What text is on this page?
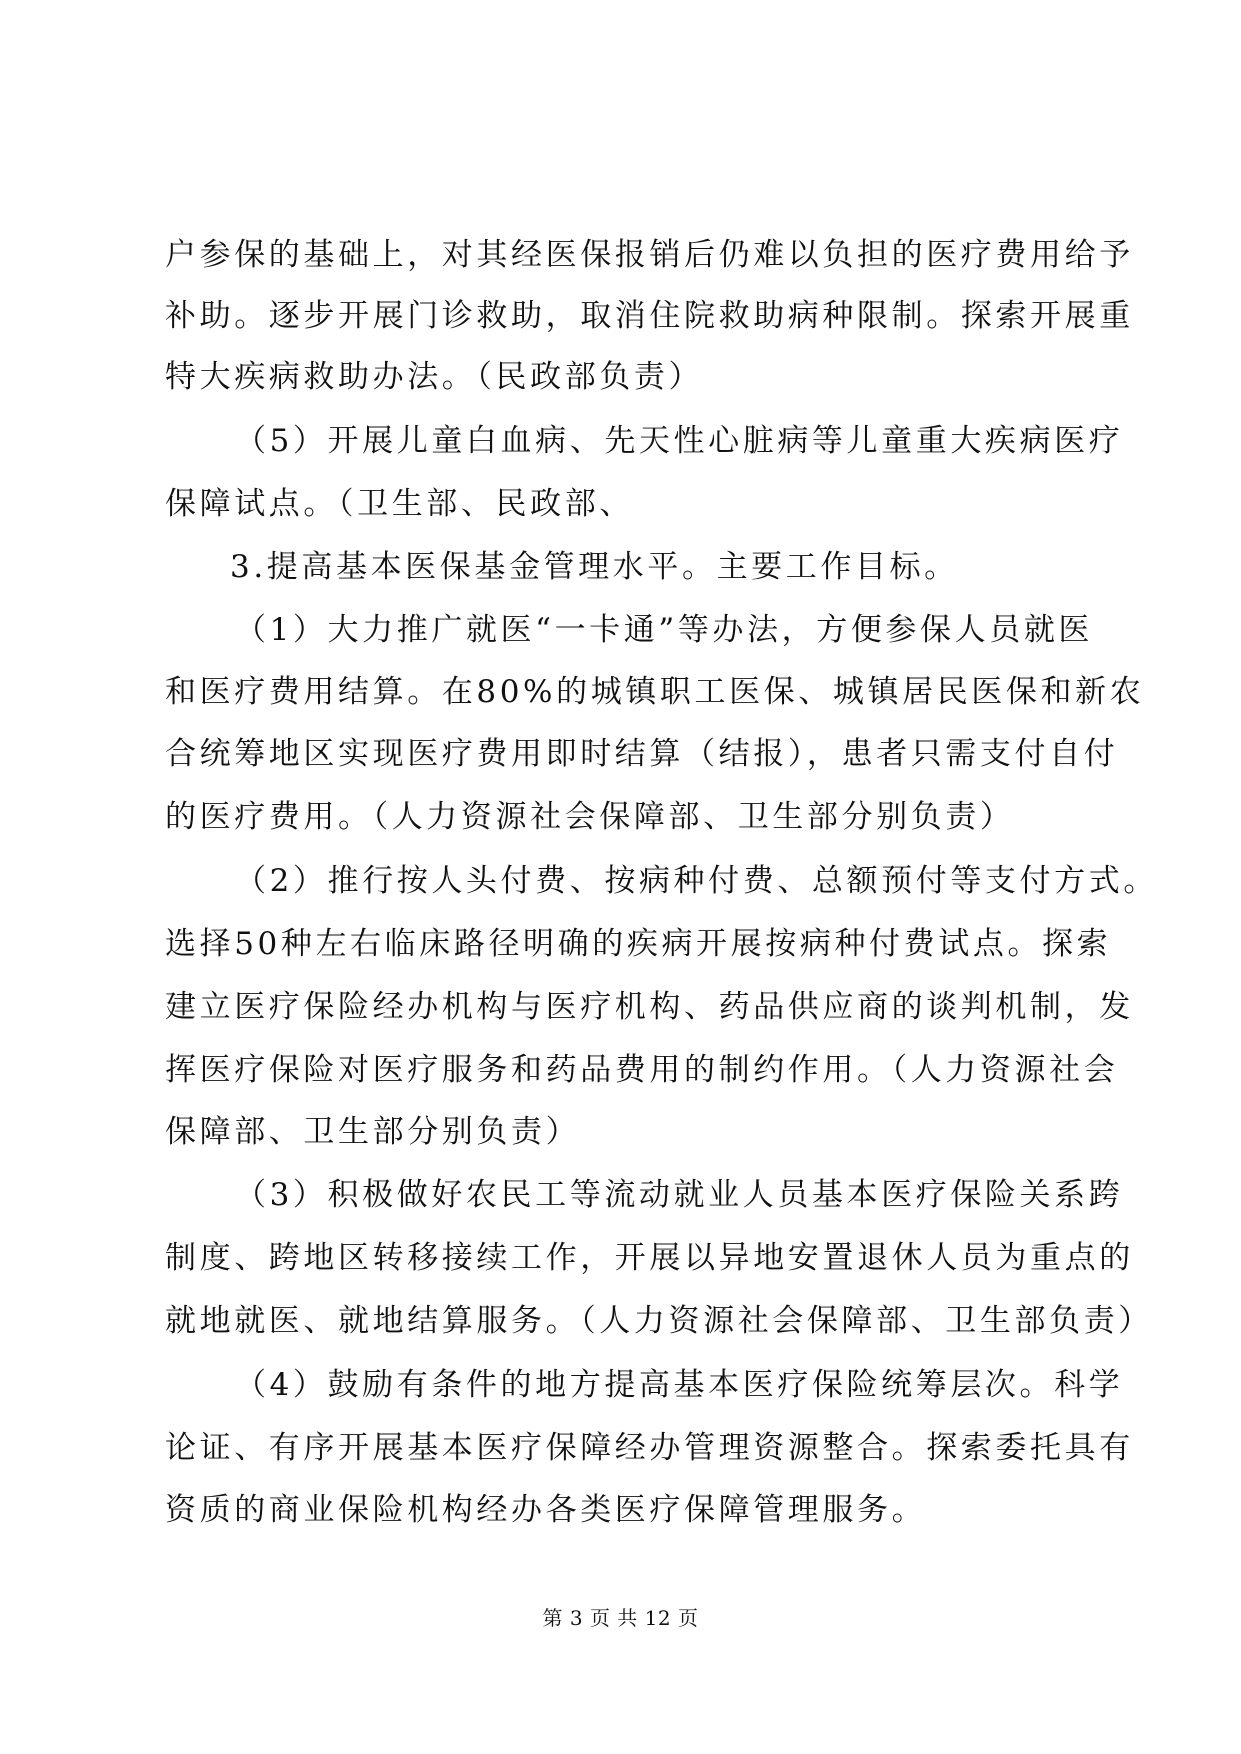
户参保的基础上，对其经医保报销后仍难以负担的医疗费用给予
补助。逐步开展门诊救助，取消住院救助病种限制。探索开展重
特大疾病救助办法。（民政部负责）
（5）开展儿童白血病、先天性心脏病等儿童重大疾病医疗
保障试点。（卫生部、民政部、
3.提高基本医保基金管理水平。主要工作目标。
（1）大力推广就医“一卡通”等办法，方便参保人员就医
和医疗费用结算。在80%的城镇职工医保、城镇居民医保和新农
合统筹地区实现医疗费用即时结算（结报），患者只需支付自付
的医疗费用。（人力资源社会保障部、卫生部分别负责）
（2）推行按人头付费、按病种付费、总额预付等支付方式。
选择50种左右临床路径明确的疾病开展按病种付费试点。探索
建立医疗保险经办机构与医疗机构、药品供应商的谈判机制，发
挥医疗保险对医疗服务和药品费用的制约作用。（人力资源社会
保障部、卫生部分别负责）
（3）积极做好农民工等流动就业人员基本医疗保险关系跨
制度、跨地区转移接续工作，开展以异地安置退休人员为重点的
就地就医、就地结算服务。（人力资源社会保障部、卫生部负责）
（4）鼓励有条件的地方提高基本医疗保险统筹层次。科学
论证、有序开展基本医疗保障经办管理资源整合。探索委托具有
资质的商业保险机构经办各类医疗保障管理服务。
第 3 页 共 12 页
